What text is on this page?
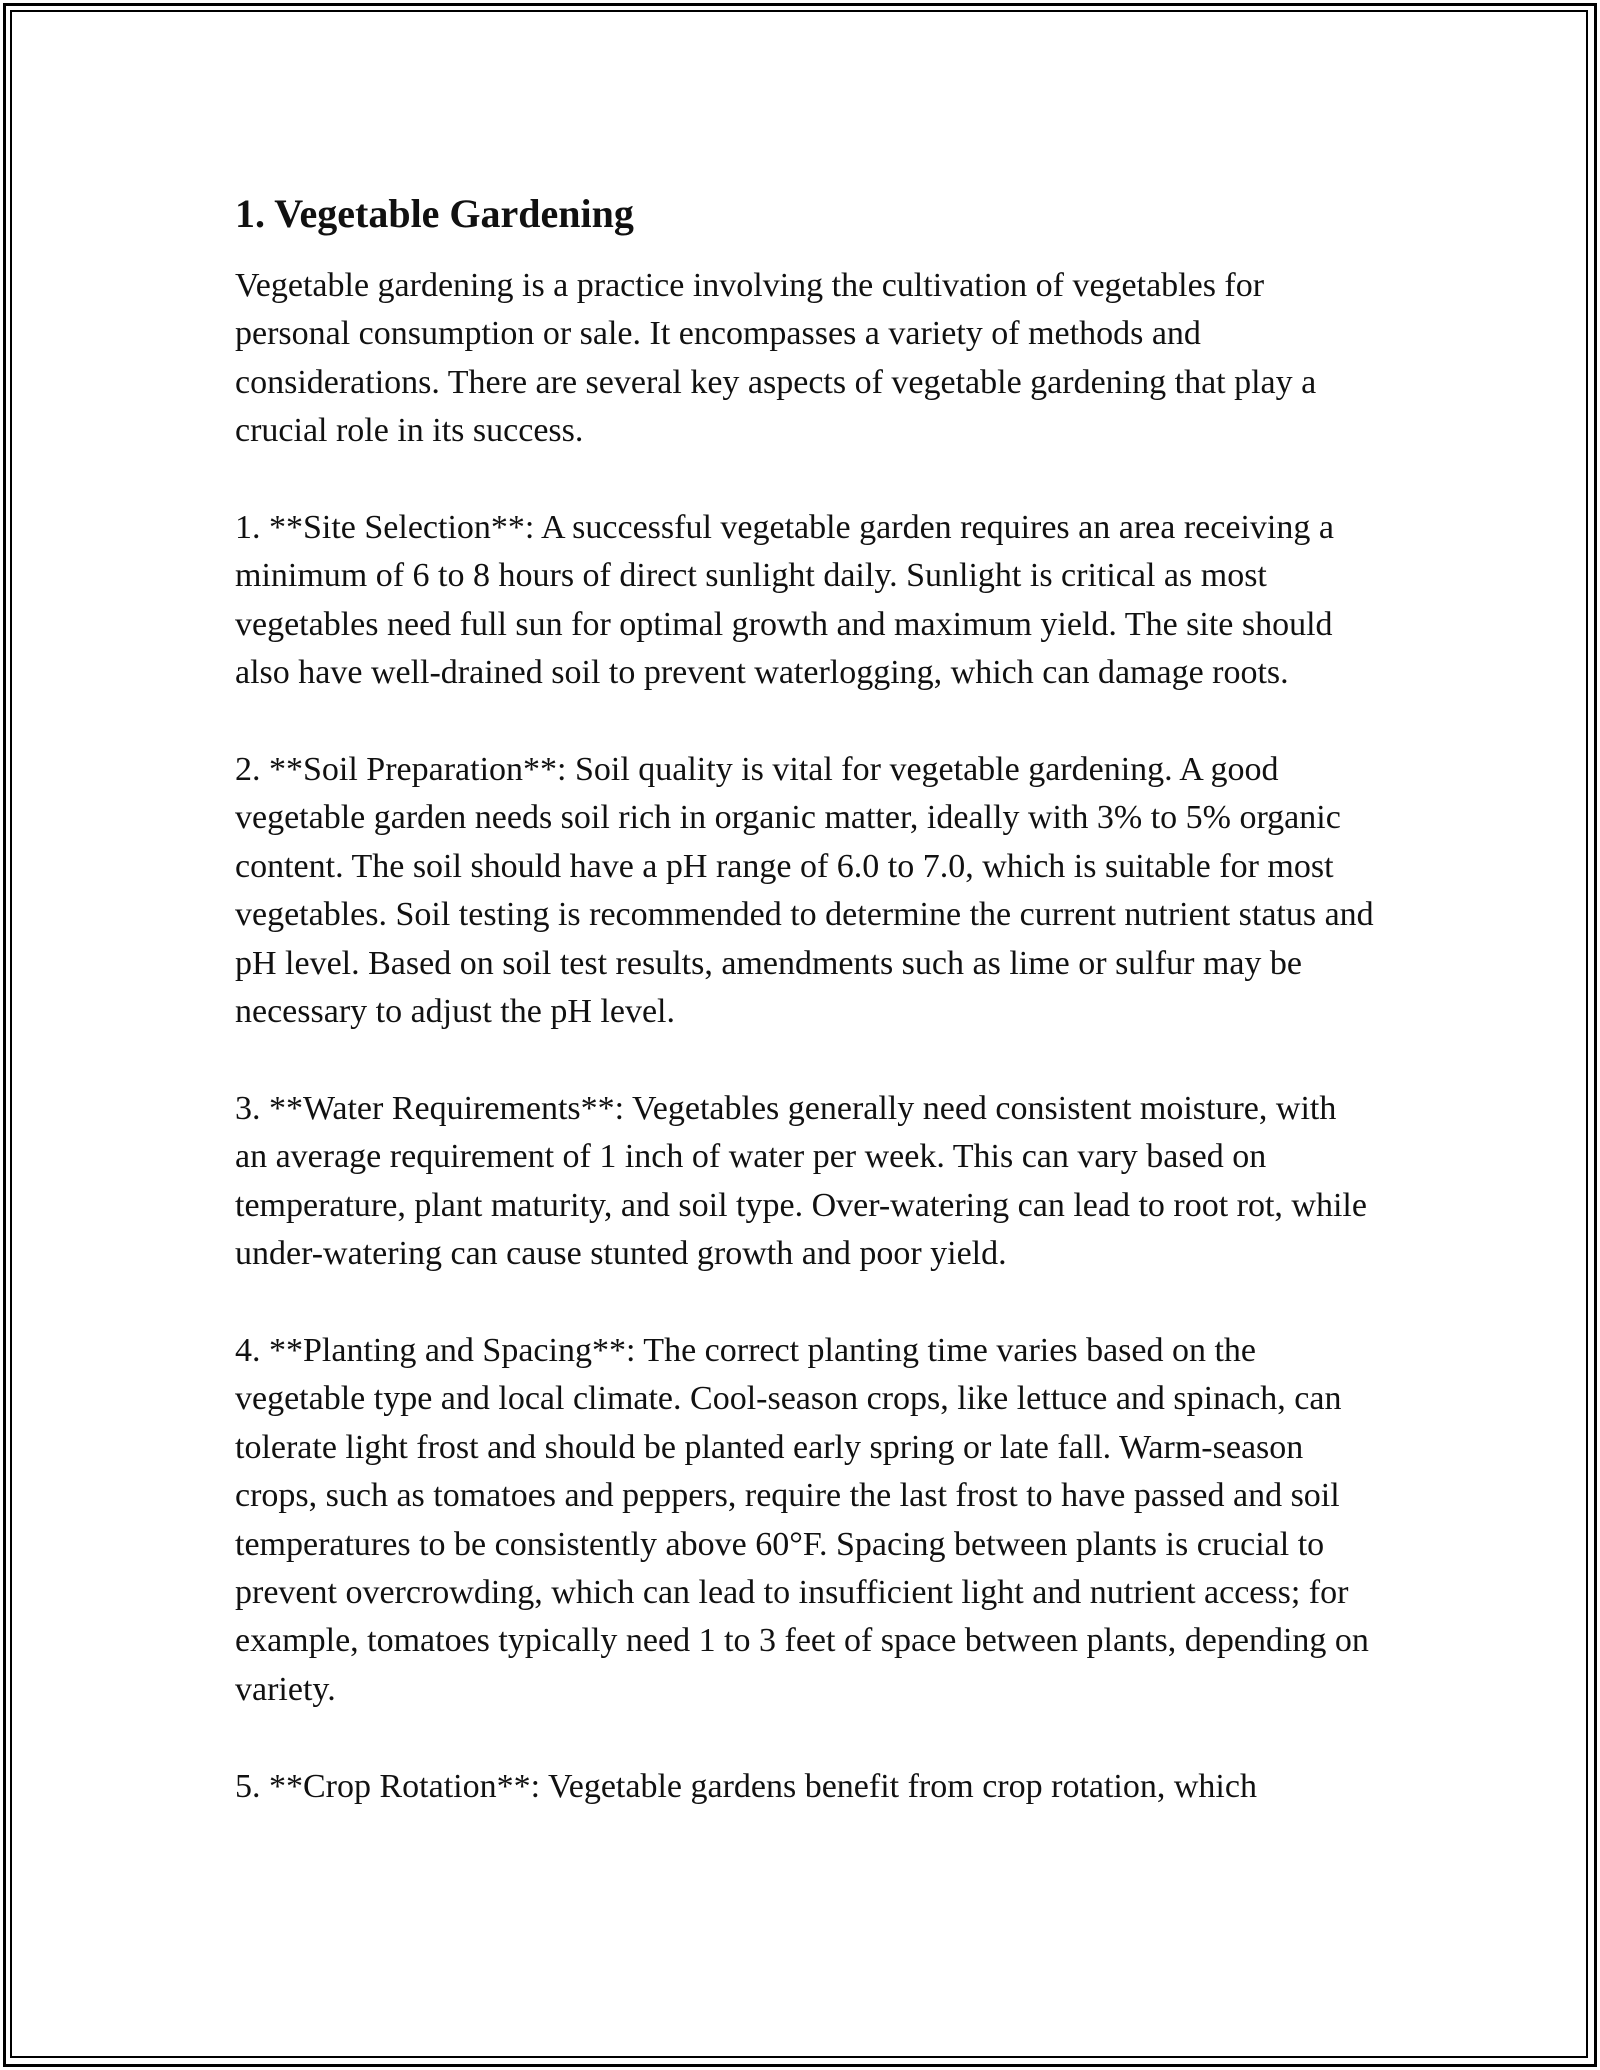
1. Vegetable Gardening

Vegetable gardening is a practice involving the cultivation of vegetables for personal consumption or sale. It encompasses a variety of methods and considerations. There are several key aspects of vegetable gardening that play a crucial role in its success.

1. **Site Selection**: A successful vegetable garden requires an area receiving a minimum of 6 to 8 hours of direct sunlight daily. Sunlight is critical as most vegetables need full sun for optimal growth and maximum yield. The site should also have well-drained soil to prevent waterlogging, which can damage roots.

2. **Soil Preparation**: Soil quality is vital for vegetable gardening. A good vegetable garden needs soil rich in organic matter, ideally with 3% to 5% organic content. The soil should have a pH range of 6.0 to 7.0, which is suitable for most vegetables. Soil testing is recommended to determine the current nutrient status and pH level. Based on soil test results, amendments such as lime or sulfur may be necessary to adjust the pH level.

3. **Water Requirements**: Vegetables generally need consistent moisture, with an average requirement of 1 inch of water per week. This can vary based on temperature, plant maturity, and soil type. Over-watering can lead to root rot, while under-watering can cause stunted growth and poor yield.

4. **Planting and Spacing**: The correct planting time varies based on the vegetable type and local climate. Cool-season crops, like lettuce and spinach, can tolerate light frost and should be planted early spring or late fall. Warm-season crops, such as tomatoes and peppers, require the last frost to have passed and soil temperatures to be consistently above 60°F. Spacing between plants is crucial to prevent overcrowding, which can lead to insufficient light and nutrient access; for example, tomatoes typically need 1 to 3 feet of space between plants, depending on variety.

5. **Crop Rotation**: Vegetable gardens benefit from crop rotation, which
